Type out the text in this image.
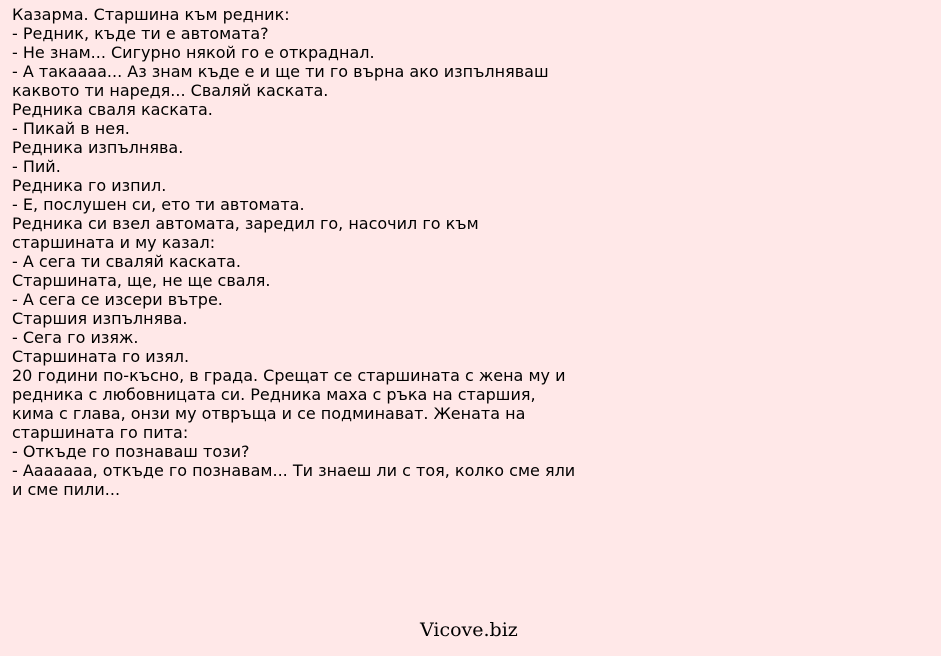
Казарма. Старшина към редник:
- Редник, къде ти е автомата?
- Не знам... Сигурно някой го е откраднал.
- А такаааа... Аз знам къде е и ще ти го върна ако изпълняваш каквото ти наредя... Сваляй каската.
Редника сваля каската.
- Пикай в нея.
Редника изпълнява.
- Пий.
Редника го изпил.
- Е, послушен си, ето ти автомата.
Редника си взел автомата, заредил го, насочил го към старшината и му казал:
- А сега ти сваляй каската.
Старшината, ще, не ще сваля.
- А сега се изсери вътре.
Старшия изпълнява.
- Сега го изяж.
Старшината го изял.
20 години по-късно, в града. Срещат се старшината с жена му и редника с любовницата си. Редника маха с ръка на старшия, кима с глава, онзи му отвръща и се подминават. Жената на старшината го пита:
- Откъде го познаваш този?
- Ааааааа, откъде го познавам... Ти знаеш ли с тоя, колко сме яли и сме пили...
Vicove.biz
